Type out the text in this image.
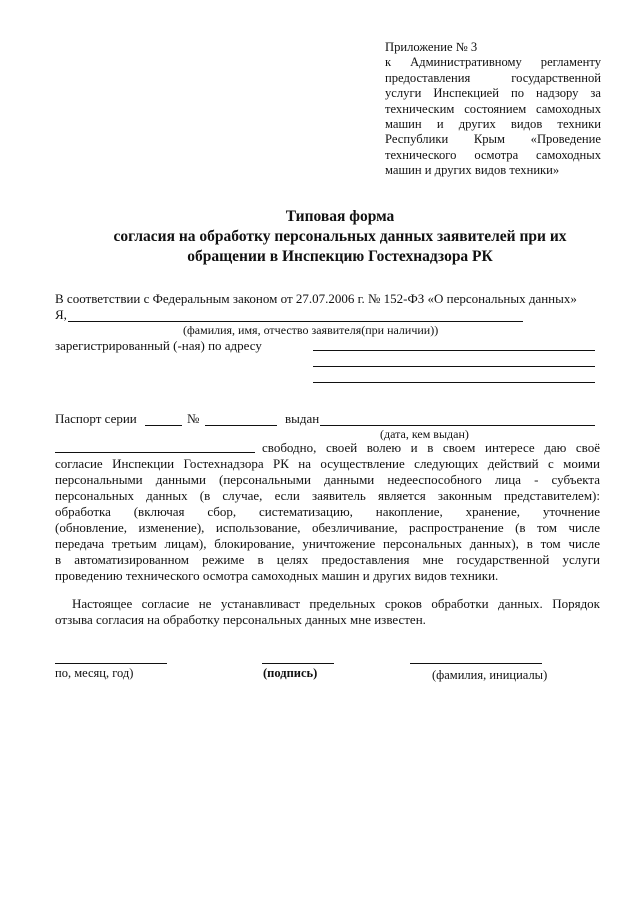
Приложение № 3
к Административному регламенту
предоставления государственной
услуги Инспекцией по надзору за
техническим состоянием самоходных
машин и других видов техники
Республики Крым «Проведение
технического осмотра самоходных
машин и других видов техники»
Типовая форма
согласия на обработку персональных данных заявителей при их
обращении в Инспекцию Гостехнадзора РК
В соответствии с Федеральным законом от 27.07.2006 г. № 152-ФЗ «О персональных данных»
Я,
(фамилия, имя, отчество заявителя(при наличии))
зарегистрированный (-ная) по адресу
Паспорт серии	№	выдан
(дата, кем выдан)
свободно, своей волею и в своем интересе даю своё
согласие Инспекции Гостехнадзора РК на осуществление следующих действий с моими
персональными данными (персональными данными недееспособного лица - субъекта
персональных данных (в случае, если заявитель является законным представителем):
обработка (включая сбор, систематизацию, накопление, хранение, уточнение
(обновление, изменение), использование, обезличивание, распространение (в том числе
передача третьим лицам), блокирование, уничтожение персональных данных), в том числе
в автоматизированном режиме в целях предоставления мне государственной услуги
проведению технического осмотра самоходных машин и других видов техники.
Настоящее согласие не устанавливаст предельных сроков обработки данных. Порядок
отзыва согласия на обработку персональных данных мне известен.
по, месяц, год)	(подпись)	(фамилия, инициалы)
